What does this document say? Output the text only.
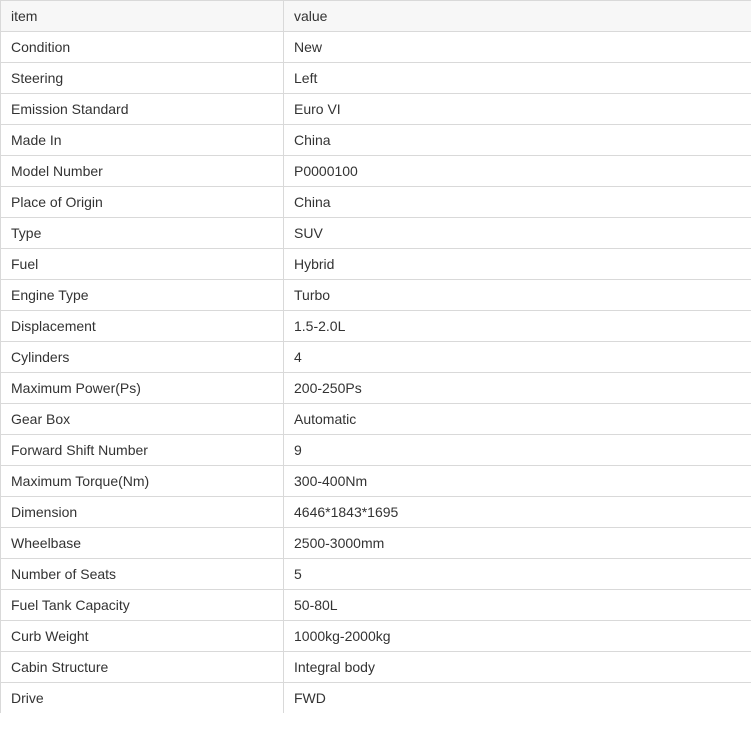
item	value
Condition	New
Steering	Left
Emission Standard	Euro VI
Made In	China
Model Number	P0000100
Place of Origin	China
Type	SUV
Fuel	Hybrid
Engine Type	Turbo
Displacement	1.5-2.0L
Cylinders	4
Maximum Power(Ps)	200-250Ps
Gear Box	Automatic
Forward Shift Number	9
Maximum Torque(Nm)	300-400Nm
Dimension	4646*1843*1695
Wheelbase	2500-3000mm
Number of Seats	5
Fuel Tank Capacity	50-80L
Curb Weight	1000kg-2000kg
Cabin Structure	Integral body
Drive	FWD
